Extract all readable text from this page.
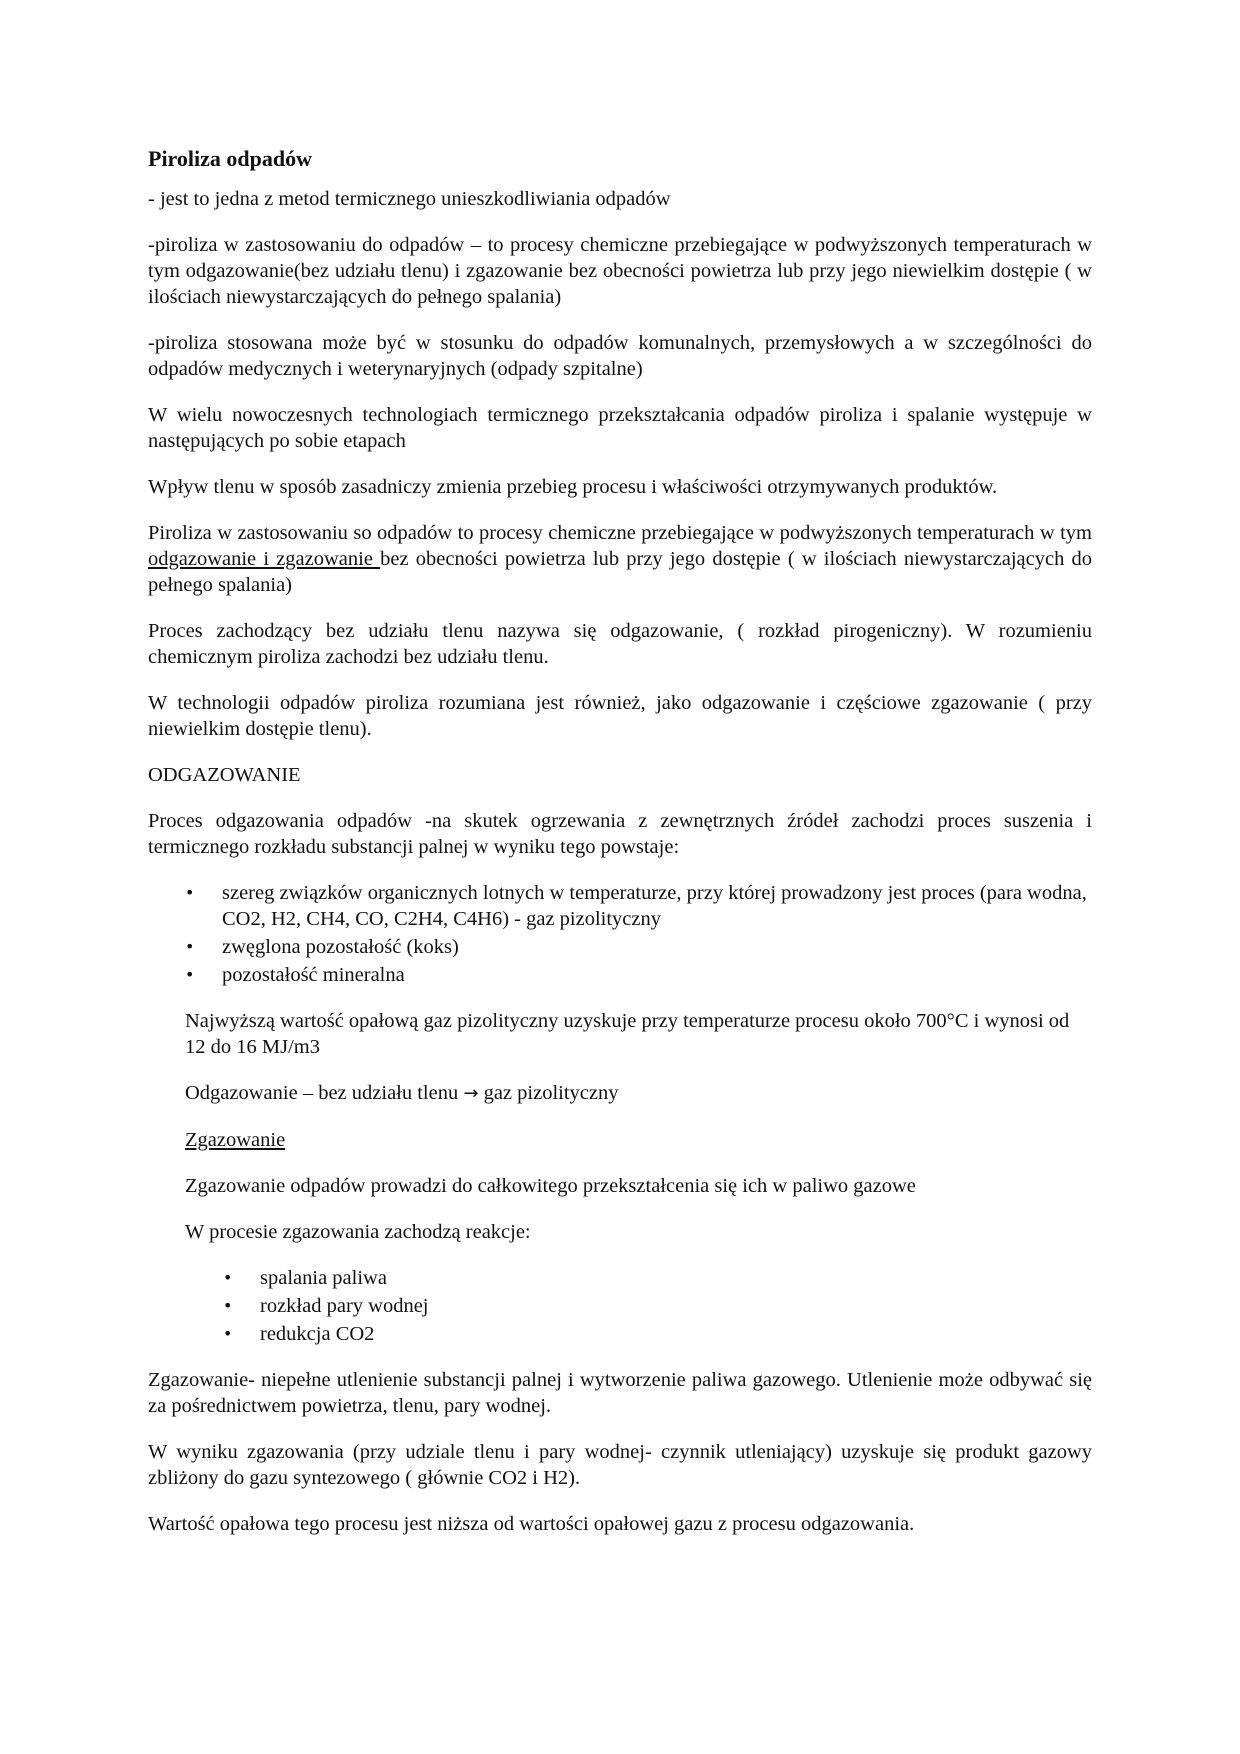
Piroliza odpadów

- jest to jedna z metod termicznego unieszkodliwiania odpadów

-piroliza w zastosowaniu do odpadów – to procesy chemiczne przebiegające w podwyższonych temperaturach w tym odgazowanie(bez udziału tlenu) i zgazowanie bez obecności powietrza lub przy jego niewielkim dostępie ( w ilościach niewystarczających do pełnego spalania)

-piroliza stosowana może być w stosunku do odpadów komunalnych, przemysłowych a w szczególności do odpadów medycznych i weterynaryjnych (odpady szpitalne)

W wielu nowoczesnych technologiach termicznego przekształcania odpadów piroliza i spalanie występuje w następujących po sobie etapach

Wpływ tlenu w sposób zasadniczy zmienia przebieg procesu i właściwości otrzymywanych produktów.

Piroliza w zastosowaniu so odpadów to procesy chemiczne przebiegające w podwyższonych temperaturach w tym odgazowanie i zgazowanie bez obecności powietrza lub przy jego dostępie ( w ilościach niewystarczających do pełnego spalania)

Proces zachodzący bez udziału tlenu nazywa się odgazowanie, ( rozkład pirogeniczny). W rozumieniu chemicznym piroliza zachodzi bez udziału tlenu.

W technologii odpadów piroliza rozumiana jest również, jako odgazowanie i częściowe zgazowanie ( przy niewielkim dostępie tlenu).

ODGAZOWANIE

Proces odgazowania odpadów -na skutek ogrzewania z zewnętrznych źródeł zachodzi proces suszenia i termicznego rozkładu substancji palnej w wyniku tego powstaje:

• szereg związków organicznych lotnych w temperaturze, przy której prowadzony jest proces (para wodna, CO2, H2, CH4, CO, C2H4, C4H6) - gaz pizolityczny
• zwęglona pozostałość (koks)
• pozostałość mineralna

Najwyższą wartość opałową gaz pizolityczny uzyskuje przy temperaturze procesu około 700°C i wynosi od 12 do 16 MJ/m3

Odgazowanie – bez udziału tlenu → gaz pizolityczny

Zgazowanie

Zgazowanie odpadów prowadzi do całkowitego przekształcenia się ich w paliwo gazowe

W procesie zgazowania zachodzą reakcje:

• spalania paliwa
• rozkład pary wodnej
• redukcja CO2

Zgazowanie- niepełne utlenienie substancji palnej i wytworzenie paliwa gazowego. Utlenienie może odbywać się za pośrednictwem powietrza, tlenu, pary wodnej.

W wyniku zgazowania (przy udziale tlenu i pary wodnej- czynnik utleniający) uzyskuje się produkt gazowy zbliżony do gazu syntezowego ( głównie CO2 i H2).

Wartość opałowa tego procesu jest niższa od wartości opałowej gazu z procesu odgazowania.
